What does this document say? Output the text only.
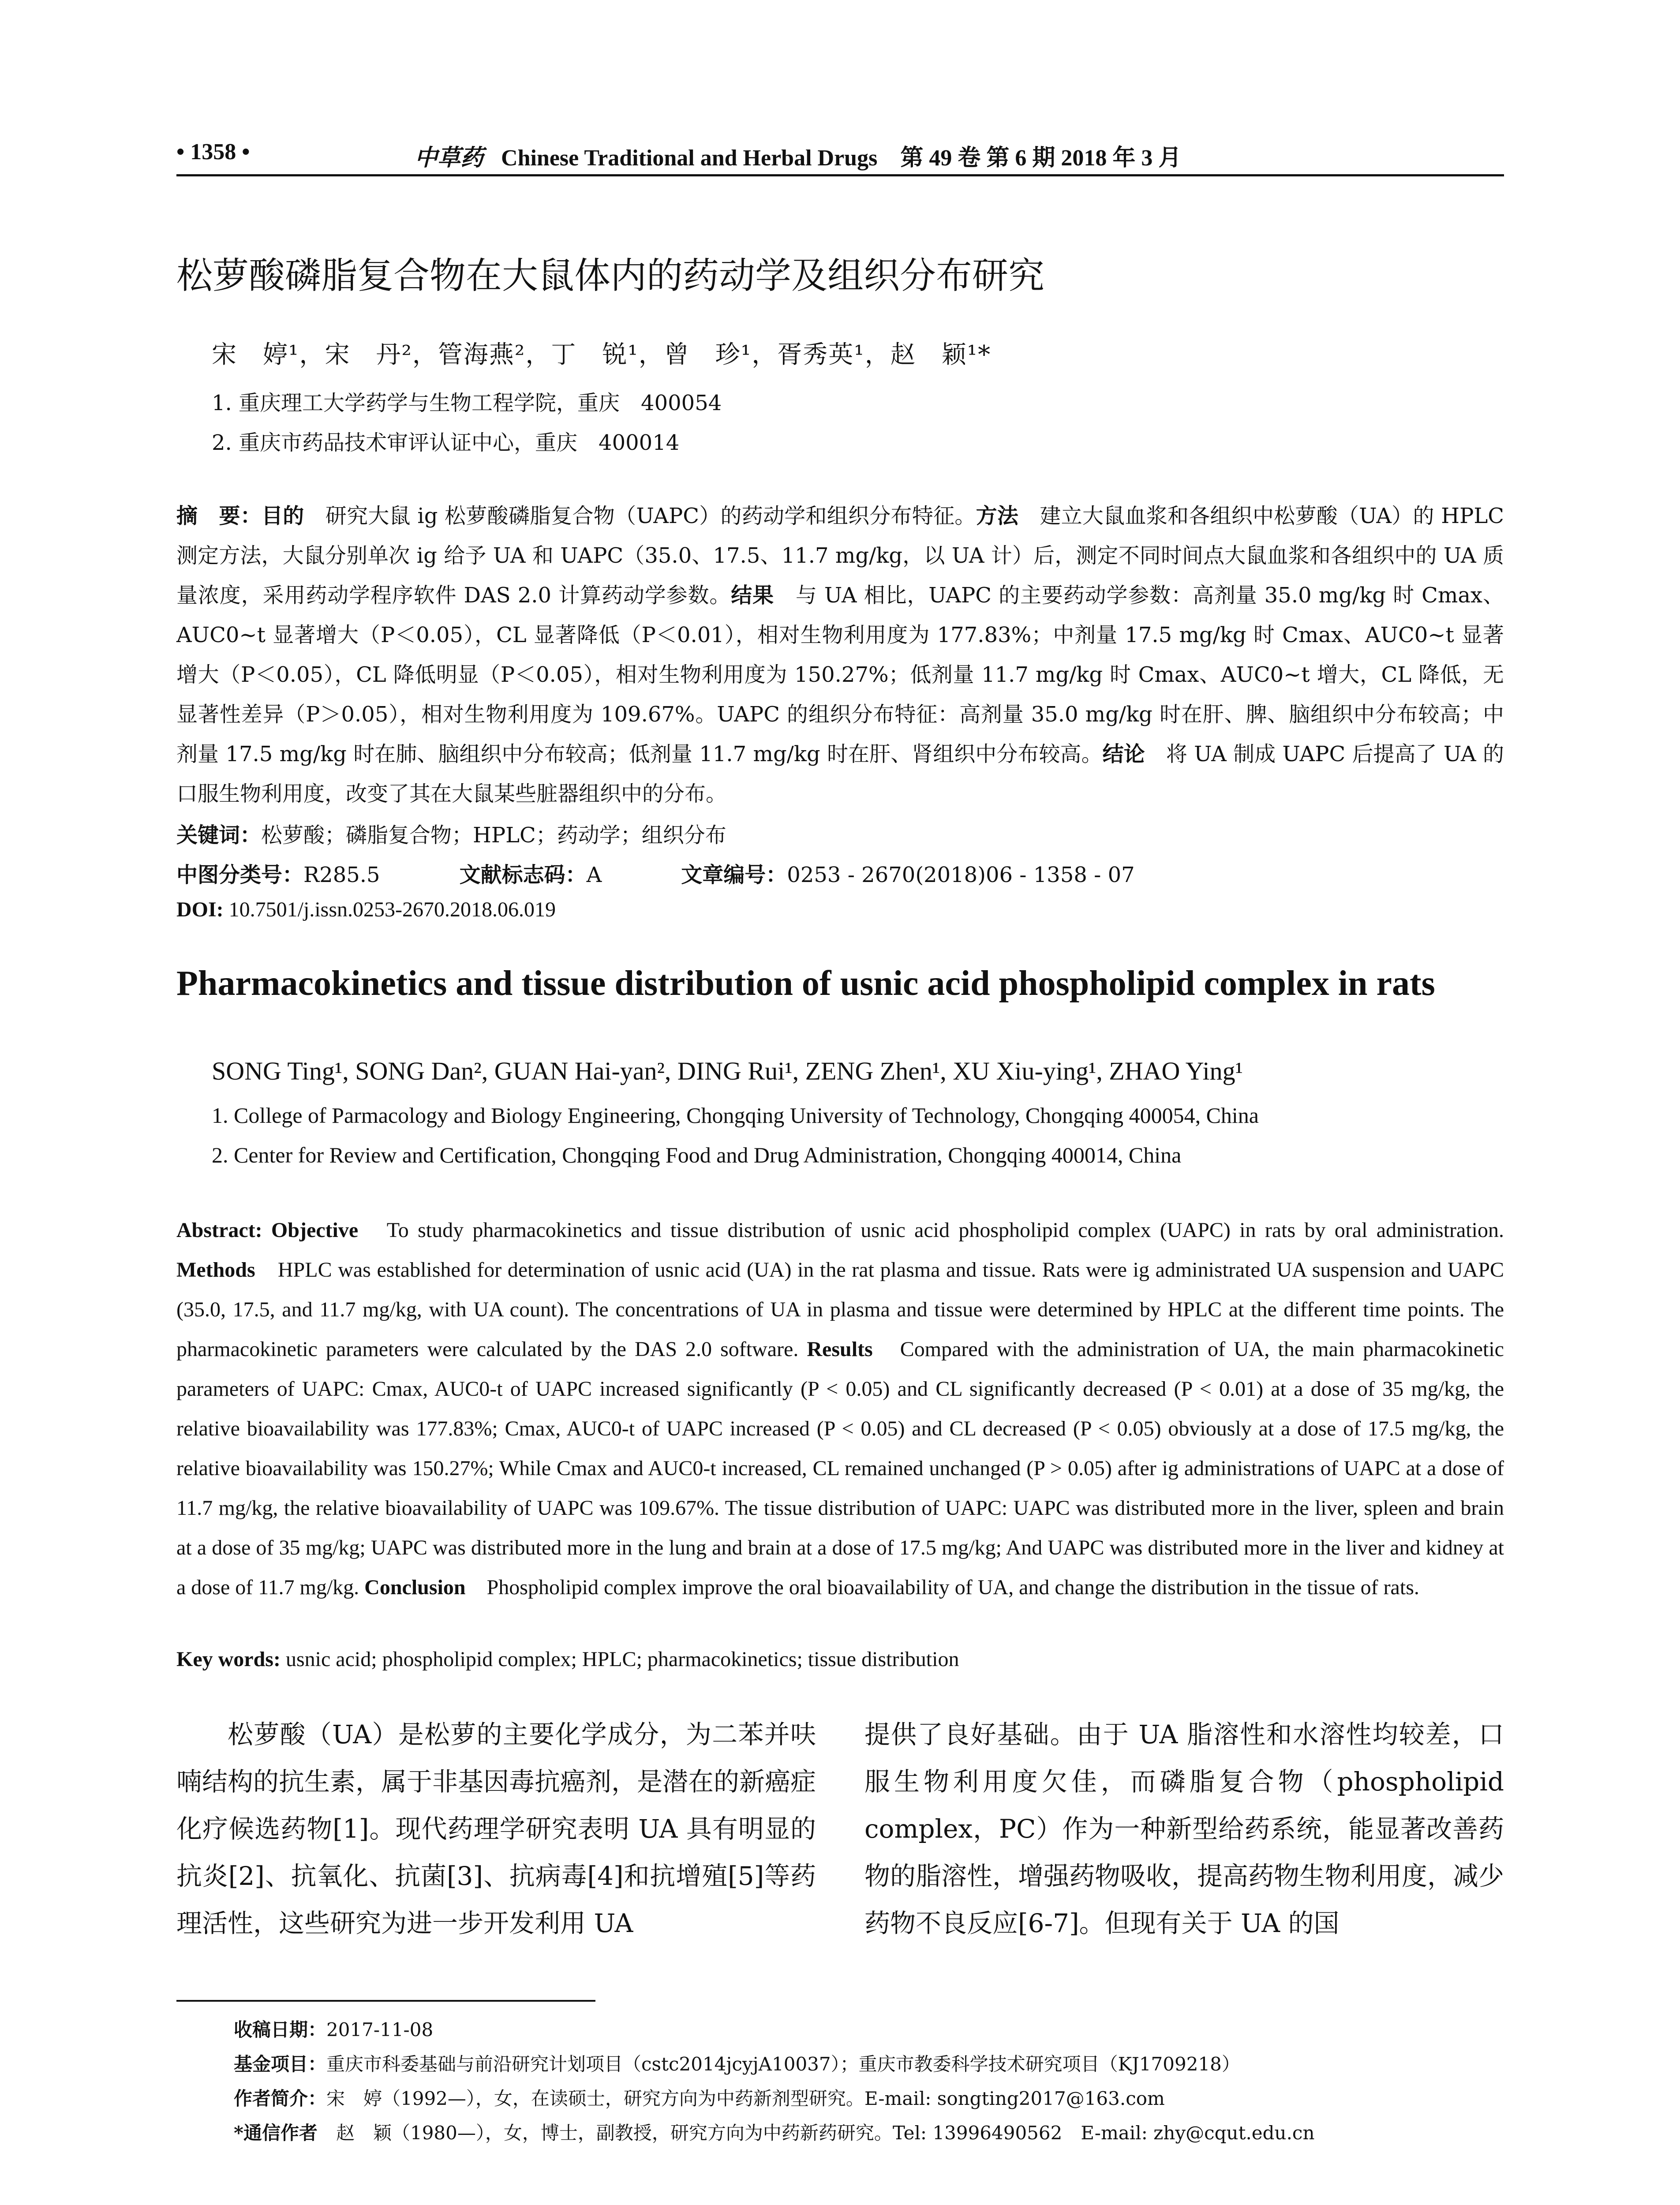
• 1358 •	中草药 Chinese Traditional and Herbal Drugs　第 49 卷 第 6 期 2018 年 3 月
松萝酸磷脂复合物在大鼠体内的药动学及组织分布研究
宋　婷¹，宋　丹²，管海燕²，丁　锐¹，曾　珍¹，胥秀英¹，赵　颖¹*
1. 重庆理工大学药学与生物工程学院，重庆　400054
2. 重庆市药品技术审评认证中心，重庆　400014
摘　要：目的　 研究大鼠 ig 松萝酸磷脂复合物（UAPC）的药动学和组织分布特征。方法　 建立大鼠血浆和各组织中松萝酸（UA）的 HPLC 测定方法，大鼠分别单次 ig 给予 UA 和 UAPC（35.0、17.5、11.7 mg/kg，以 UA 计）后，测定不同时间点大鼠血浆和各组织中的 UA 质量浓度，采用药动学程序软件 DAS 2.0 计算药动学参数。结果　 与 UA 相比，UAPC 的主要药动学参数：高剂量 35.0 mg/kg 时 Cmax、AUC0~t 显著增大（P＜0.05），CL 显著降低（P＜0.01），相对生物利用度为 177.83%；中剂量 17.5 mg/kg 时 Cmax、AUC0~t 显著增大（P＜0.05），CL 降低明显（P＜0.05），相对生物利用度为 150.27%；低剂量 11.7 mg/kg 时 Cmax、AUC0~t 增大，CL 降低，无显著性差异（P＞0.05），相对生物利用度为 109.67%。UAPC 的组织分布特征：高剂量 35.0 mg/kg 时在肝、脾、脑组织中分布较高；中剂量 17.5 mg/kg 时在肺、脑组织中分布较高；低剂量 11.7 mg/kg 时在肝、肾组织中分布较高。结论　 将 UA 制成 UAPC 后提高了 UA 的口服生物利用度，改变了其在大鼠某些脏器组织中的分布。
关键词：松萝酸；磷脂复合物；HPLC；药动学；组织分布
中图分类号：R285.5	文献标志码：A	文章编号：0253 - 2670(2018)06 - 1358 - 07
DOI: 10.7501/j.issn.0253-2670.2018.06.019
Pharmacokinetics and tissue distribution of usnic acid phospholipid complex in rats
SONG Ting¹, SONG Dan², GUAN Hai-yan², DING Rui¹, ZENG Zhen¹, XU Xiu-ying¹, ZHAO Ying¹
1. College of Parmacology and Biology Engineering, Chongqing University of Technology, Chongqing 400054, China
2. Center for Review and Certification, Chongqing Food and Drug Administration, Chongqing 400014, China
Abstract: Objective　 To study pharmacokinetics and tissue distribution of usnic acid phospholipid complex (UAPC) in rats by oral administration. Methods　 HPLC was established for determination of usnic acid (UA) in the rat plasma and tissue. Rats were ig administrated UA suspension and UAPC (35.0, 17.5, and 11.7 mg/kg, with UA count). The concentrations of UA in plasma and tissue were determined by HPLC at the different time points. The pharmacokinetic parameters were calculated by the DAS 2.0 software. Results　 Compared with the administration of UA, the main pharmacokinetic parameters of UAPC: Cmax, AUC0-t of UAPC increased significantly (P < 0.05) and CL significantly decreased (P < 0.01) at a dose of 35 mg/kg, the relative bioavailability was 177.83%; Cmax, AUC0-t of UAPC increased (P < 0.05) and CL decreased (P < 0.05) obviously at a dose of 17.5 mg/kg, the relative bioavailability was 150.27%; While Cmax and AUC0-t increased, CL remained unchanged (P > 0.05) after ig administrations of UAPC at a dose of 11.7 mg/kg, the relative bioavailability of UAPC was 109.67%. The tissue distribution of UAPC: UAPC was distributed more in the liver, spleen and brain at a dose of 35 mg/kg; UAPC was distributed more in the lung and brain at a dose of 17.5 mg/kg; And UAPC was distributed more in the liver and kidney at a dose of 11.7 mg/kg. Conclusion　 Phospholipid complex improve the oral bioavailability of UA, and change the distribution in the tissue of rats.
Key words: usnic acid; phospholipid complex; HPLC; pharmacokinetics; tissue distribution
松萝酸（UA）是松萝的主要化学成分，为二苯并呋喃结构的抗生素，属于非基因毒抗癌剂，是潜在的新癌症化疗候选药物[1]。现代药理学研究表明 UA 具有明显的抗炎[2]、抗氧化、抗菌[3]、抗病毒[4]和抗增殖[5]等药理活性，这些研究为进一步开发利用 UA
提供了良好基础。由于 UA 脂溶性和水溶性均较差，口服生物利用度欠佳，而磷脂复合物（phospholipid complex，PC）作为一种新型给药系统，能显著改善药物的脂溶性，增强药物吸收，提高药物生物利用度，减少药物不良反应[6-7]。但现有关于 UA 的国
收稿日期：2017-11-08
基金项目：重庆市科委基础与前沿研究计划项目（cstc2014jcyjA10037）；重庆市教委科学技术研究项目（KJ1709218）
作者简介：宋　婷（1992—），女，在读硕士，研究方向为中药新剂型研究。E-mail: songting2017@163.com
*通信作者　赵　颖（1980—），女，博士，副教授，研究方向为中药新药研究。Tel: 13996490562　E-mail: zhy@cqut.edu.cn
